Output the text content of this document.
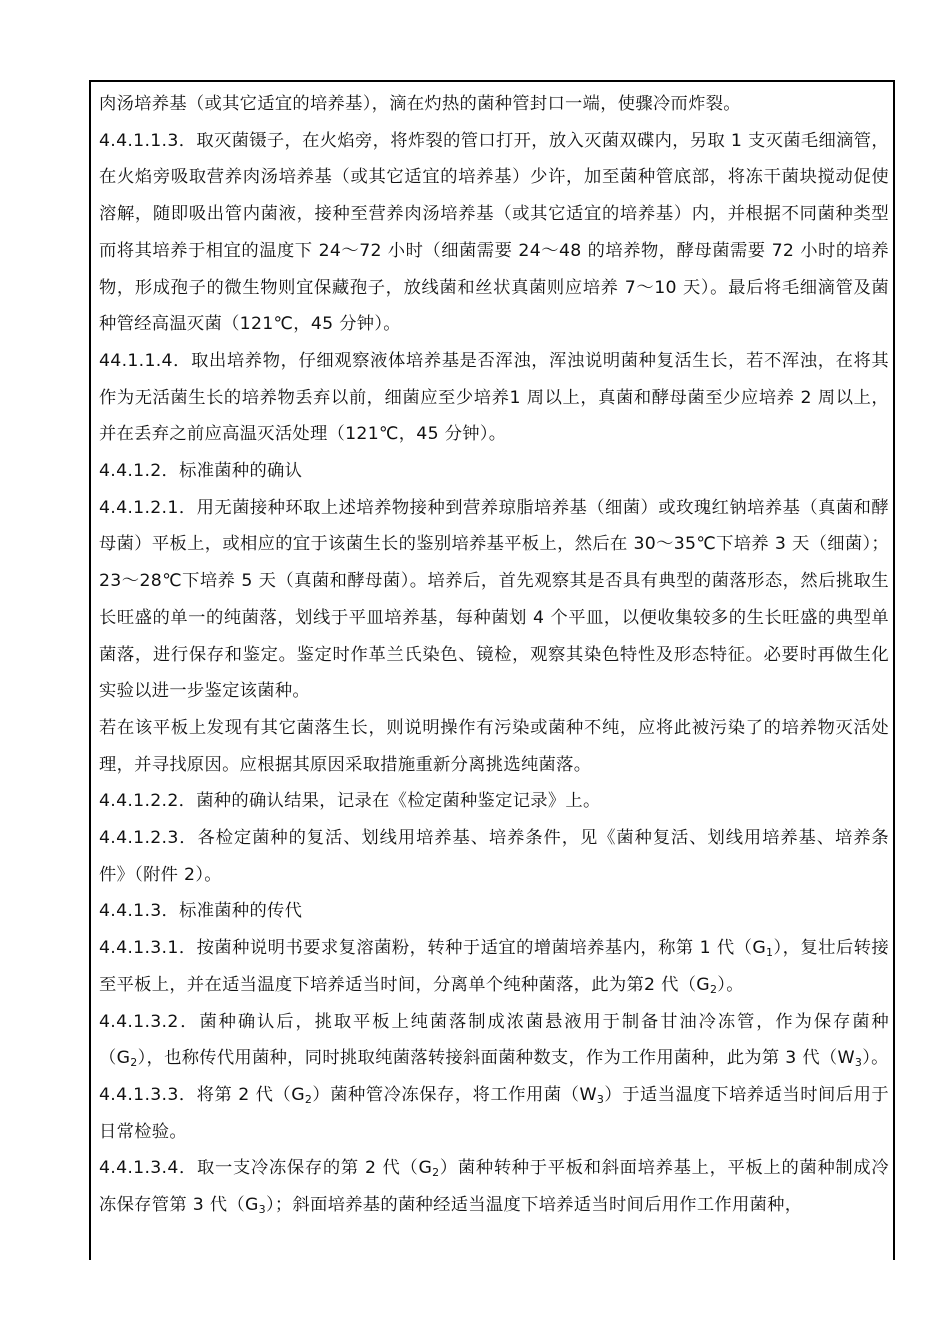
肉汤培养基（或其它适宜的培养基），滴在灼热的菌种管封口一端，使骤冷而炸裂。

4.4.1.1.3．取灭菌镊子，在火焰旁，将炸裂的管口打开，放入灭菌双碟内，另取 1 支灭菌毛细滴管，在火焰旁吸取营养肉汤培养基（或其它适宜的培养基）少许，加至菌种管底部，将冻干菌块搅动促使溶解，随即吸出管内菌液，接种至营养肉汤培养基（或其它适宜的培养基）内，并根据不同菌种类型而将其培养于相宜的温度下 24～72 小时（细菌需要 24～48 的培养物，酵母菌需要 72 小时的培养物，形成孢子的微生物则宜保藏孢子，放线菌和丝状真菌则应培养 7～10 天）。最后将毛细滴管及菌种管经高温灭菌（121℃，45 分钟）。

44.1.1.4．取出培养物，仔细观察液体培养基是否浑浊，浑浊说明菌种复活生长，若不浑浊，在将其作为无活菌生长的培养物丢弃以前，细菌应至少培养1 周以上，真菌和酵母菌至少应培养 2 周以上，并在丢弃之前应高温灭活处理（121℃，45 分钟）。

4.4.1.2．标准菌种的确认

4.4.1.2.1．用无菌接种环取上述培养物接种到营养琼脂培养基（细菌）或玫瑰红钠培养基（真菌和酵母菌）平板上，或相应的宜于该菌生长的鉴别培养基平板上，然后在 30～35℃下培养 3 天（细菌）；23～28℃下培养 5 天（真菌和酵母菌）。培养后，首先观察其是否具有典型的菌落形态，然后挑取生长旺盛的单一的纯菌落，划线于平皿培养基，每种菌划 4 个平皿，以便收集较多的生长旺盛的典型单菌落，进行保存和鉴定。鉴定时作革兰氏染色、镜检，观察其染色特性及形态特征。必要时再做生化实验以进一步鉴定该菌种。

若在该平板上发现有其它菌落生长，则说明操作有污染或菌种不纯，应将此被污染了的培养物灭活处理，并寻找原因。应根据其原因采取措施重新分离挑选纯菌落。

4.4.1.2.2．菌种的确认结果，记录在《检定菌种鉴定记录》上。

4.4.1.2.3．各检定菌种的复活、划线用培养基、培养条件，见《菌种复活、划线用培养基、培养条件》（附件 2）。

4.4.1.3．标准菌种的传代

4.4.1.3.1．按菌种说明书要求复溶菌粉，转种于适宜的增菌培养基内，称第 1 代$(G_1)$，复壮后转接至平板上，并在适当温度下培养适当时间，分离单个纯种菌落，此为第2 代$(G_2)$。

4.4.1.3.2．菌种确认后，挑取平板上纯菌落制成浓菌悬液用于制备甘油冷冻管，作为保存菌种$(G_2)$，也称传代用菌种，同时挑取纯菌落转接斜面菌种数支，作为工作用菌种，此为第 3 代$(W_3)$。

4.4.1.3.3．将第 2 代$(G_2)$菌种管冷冻保存，将工作用菌$(W_3)$于适当温度下培养适当时间后用于日常检验。

4.4.1.3.4．取一支冷冻保存的第 2 代$(G_2)$菌种转种于平板和斜面培养基上，平板上的菌种制成冷冻保存管第 3 代$(G_3)$；斜面培养基的菌种经适当温度下培养适当时间后用作工作用菌种，
